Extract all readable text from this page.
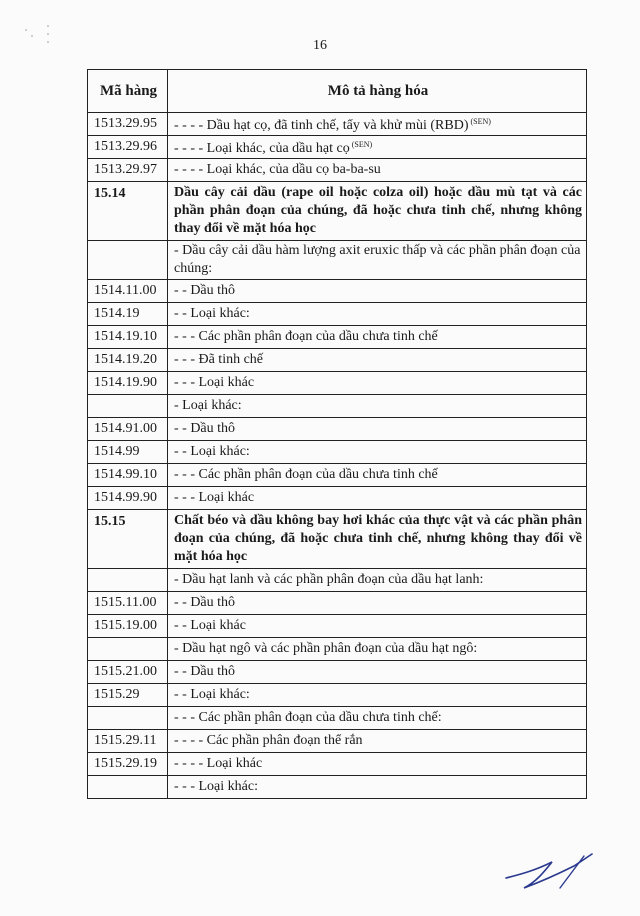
16
Mã hàng	Mô tả hàng hóa
1513.29.95	- - - - Dầu hạt cọ, đã tinh chế, tẩy và khử mùi (RBD) $^{(SEN)}$
1513.29.96	- - - - Loại khác, của dầu hạt cọ $^{(SEN)}$
1513.29.97	- - - - Loại khác, của dầu cọ ba-ba-su
15.14	Dầu cây cải dầu (rape oil hoặc colza oil) hoặc dầu mù tạt và các phần phân đoạn của chúng, đã hoặc chưa tinh chế, nhưng không thay đổi về mặt hóa học
	- Dầu cây cải dầu hàm lượng axit eruxic thấp và các phần phân đoạn của chúng:
1514.11.00	- - Dầu thô
1514.19	- - Loại khác:
1514.19.10	- - - Các phần phân đoạn của dầu chưa tinh chế
1514.19.20	- - - Đã tinh chế
1514.19.90	- - - Loại khác
	- Loại khác:
1514.91.00	- - Dầu thô
1514.99	- - Loại khác:
1514.99.10	- - - Các phần phân đoạn của dầu chưa tinh chế
1514.99.90	- - - Loại khác
15.15	Chất béo và dầu không bay hơi khác của thực vật và các phần phân đoạn của chúng, đã hoặc chưa tinh chế, nhưng không thay đổi về mặt hóa học
	- Dầu hạt lanh và các phần phân đoạn của dầu hạt lanh:
1515.11.00	- - Dầu thô
1515.19.00	- - Loại khác
	- Dầu hạt ngô và các phần phân đoạn của dầu hạt ngô:
1515.21.00	- - Dầu thô
1515.29	- - Loại khác:
	- - - Các phần phân đoạn của dầu chưa tinh chế:
1515.29.11	- - - - Các phần phân đoạn thể rắn
1515.29.19	- - - - Loại khác
	- - - Loại khác:
